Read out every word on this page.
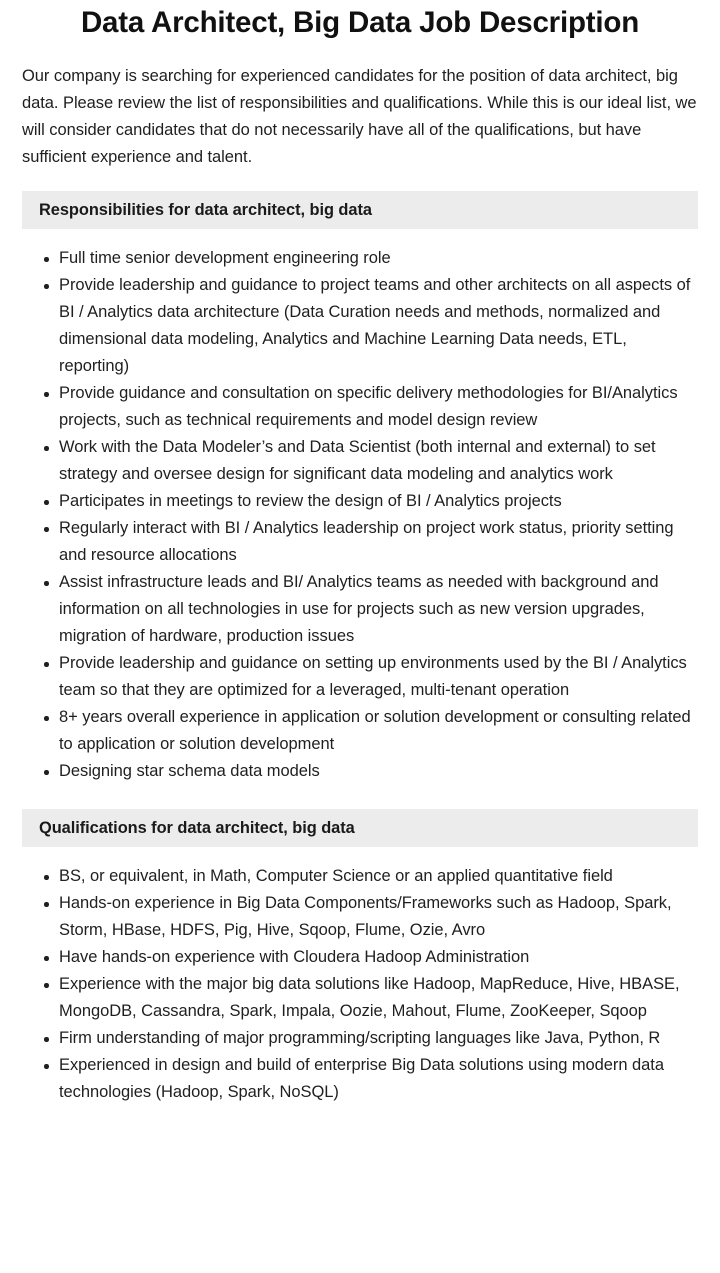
Data Architect, Big Data Job Description

Our company is searching for experienced candidates for the position of data architect, big data. Please review the list of responsibilities and qualifications. While this is our ideal list, we will consider candidates that do not necessarily have all of the qualifications, but have sufficient experience and talent.

Responsibilities for data architect, big data
Full time senior development engineering role
Provide leadership and guidance to project teams and other architects on all aspects of BI / Analytics data architecture (Data Curation needs and methods, normalized and dimensional data modeling, Analytics and Machine Learning Data needs, ETL, reporting)
Provide guidance and consultation on specific delivery methodologies for BI/Analytics projects, such as technical requirements and model design review
Work with the Data Modeler’s and Data Scientist (both internal and external) to set strategy and oversee design for significant data modeling and analytics work
Participates in meetings to review the design of BI / Analytics projects
Regularly interact with BI / Analytics leadership on project work status, priority setting and resource allocations
Assist infrastructure leads and BI/ Analytics teams as needed with background and information on all technologies in use for projects such as new version upgrades, migration of hardware, production issues
Provide leadership and guidance on setting up environments used by the BI / Analytics team so that they are optimized for a leveraged, multi-tenant operation
8+ years overall experience in application or solution development or consulting related to application or solution development
Designing star schema data models
Qualifications for data architect, big data
BS, or equivalent, in Math, Computer Science or an applied quantitative field
Hands-on experience in Big Data Components/Frameworks such as Hadoop, Spark, Storm, HBase, HDFS, Pig, Hive, Sqoop, Flume, Ozie, Avro
Have hands-on experience with Cloudera Hadoop Administration
Experience with the major big data solutions like Hadoop, MapReduce, Hive, HBASE, MongoDB, Cassandra, Spark, Impala, Oozie, Mahout, Flume, ZooKeeper, Sqoop
Firm understanding of major programming/scripting languages like Java, Python, R
Experienced in design and build of enterprise Big Data solutions using modern data technologies (Hadoop, Spark, NoSQL)
